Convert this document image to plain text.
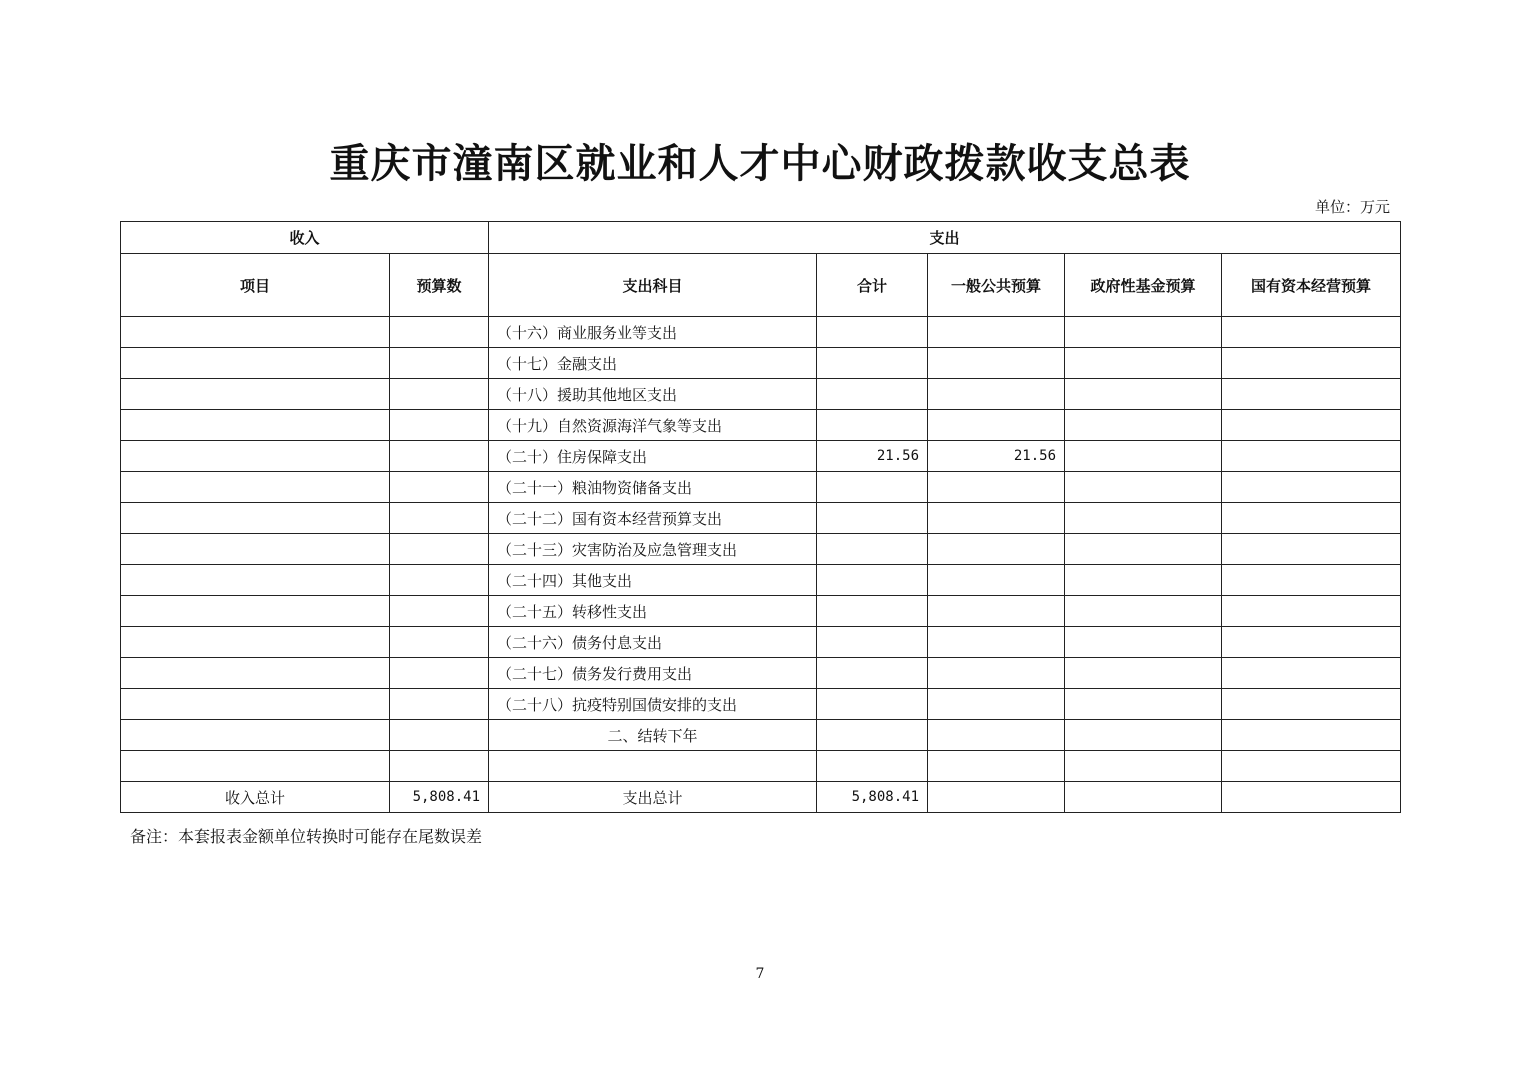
重庆市潼南区就业和人才中心财政拨款收支总表
单位：万元
收入		支出				
项目	预算数	支出科目	合计	一般公共预算	政府性基金预算	国有资本经营预算
		（十六）商业服务业等支出				
		（十七）金融支出				
		（十八）援助其他地区支出				
		（十九）自然资源海洋气象等支出				
		（二十）住房保障支出	21.56	21.56		
		（二十一）粮油物资储备支出				
		（二十二）国有资本经营预算支出				
		（二十三）灾害防治及应急管理支出				
		（二十四）其他支出				
		（二十五）转移性支出				
		（二十六）债务付息支出				
		（二十七）债务发行费用支出				
		（二十八）抗疫特别国债安排的支出				
		二、结转下年				

收入总计	5,808.41	支出总计	5,808.41			
备注：本套报表金额单位转换时可能存在尾数误差
7
